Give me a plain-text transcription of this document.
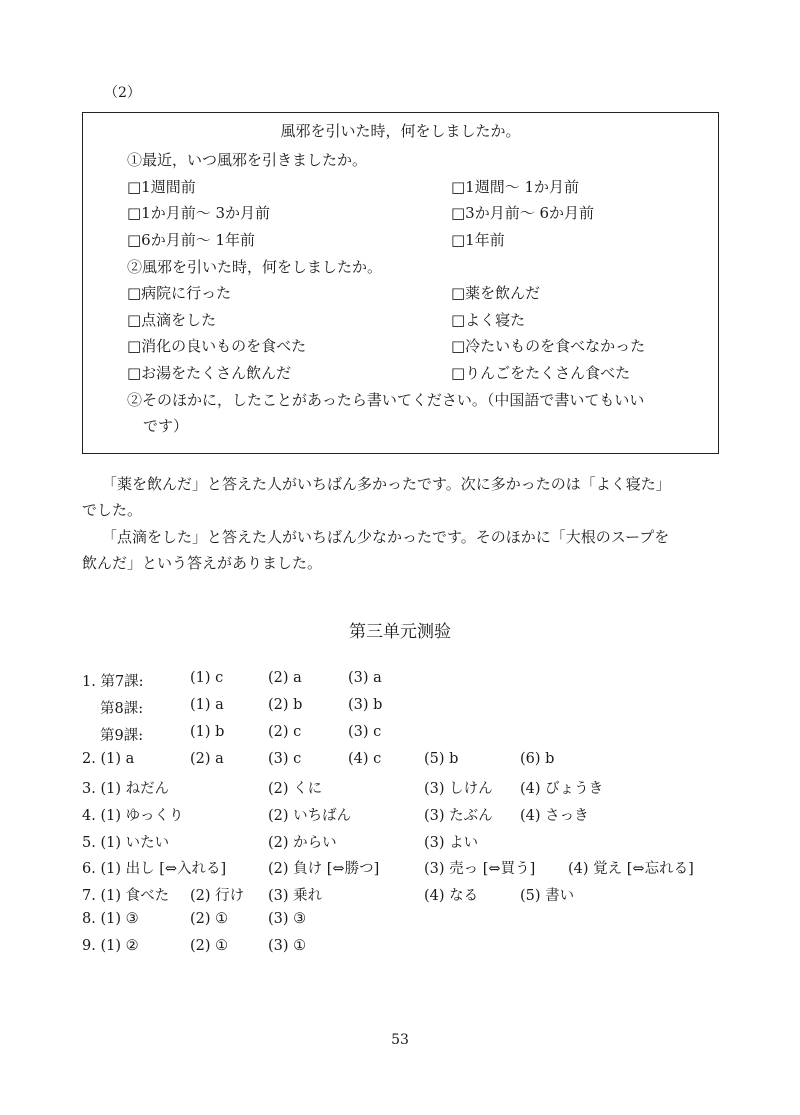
（2）
風邪を引いた時，何をしましたか。
①最近，いつ風邪を引きましたか。
□1週間前	□1週間～ 1か月前
□1か月前～ 3か月前	□3か月前～ 6か月前
□6か月前～ 1年前	□1年前
②風邪を引いた時，何をしましたか。
□病院に行った	□薬を飲んだ
□点滴をした	□よく寝た
□消化の良いものを食べた	□冷たいものを食べなかった
□お湯をたくさん飲んだ	□りんごをたくさん食べた
②そのほかに，したことがあったら書いてください。（中国語で書いてもいい
です）
「薬を飲んだ」と答えた人がいちばん多かったです。次に多かったのは「よく寝た」
でした。
「点滴をした」と答えた人がいちばん少なかったです。そのほかに「大根のスープを
飲んだ」という答えがありました。
第三单元测验
1. 第7課:	(1) c	(2) a	(3) a
第8課:	(1) a	(2) b	(3) b
第9課:	(1) b	(2) c	(3) c
2. (1) a	(2) a	(3) c	(4) c	(5) b	(6) b
3. (1) ねだん	(2) くに	(3) しけん (4) びょうき
4. (1) ゆっくり	(2) いちばん	(3) たぶん (4) さっき
5. (1) いたい	(2) からい	(3) よい
6. (1) 出し [⇔入れる]	(2) 負け [⇔勝つ]	(3) 売っ [⇔買う] (4) 覚え [⇔忘れる]
7. (1) 食べた (2) 行け (3) 乗れ	(4) なる	(5) 書い
8. (1) ③	(2) ①	(3) ③
9. (1) ②	(2) ①	(3) ①
53
